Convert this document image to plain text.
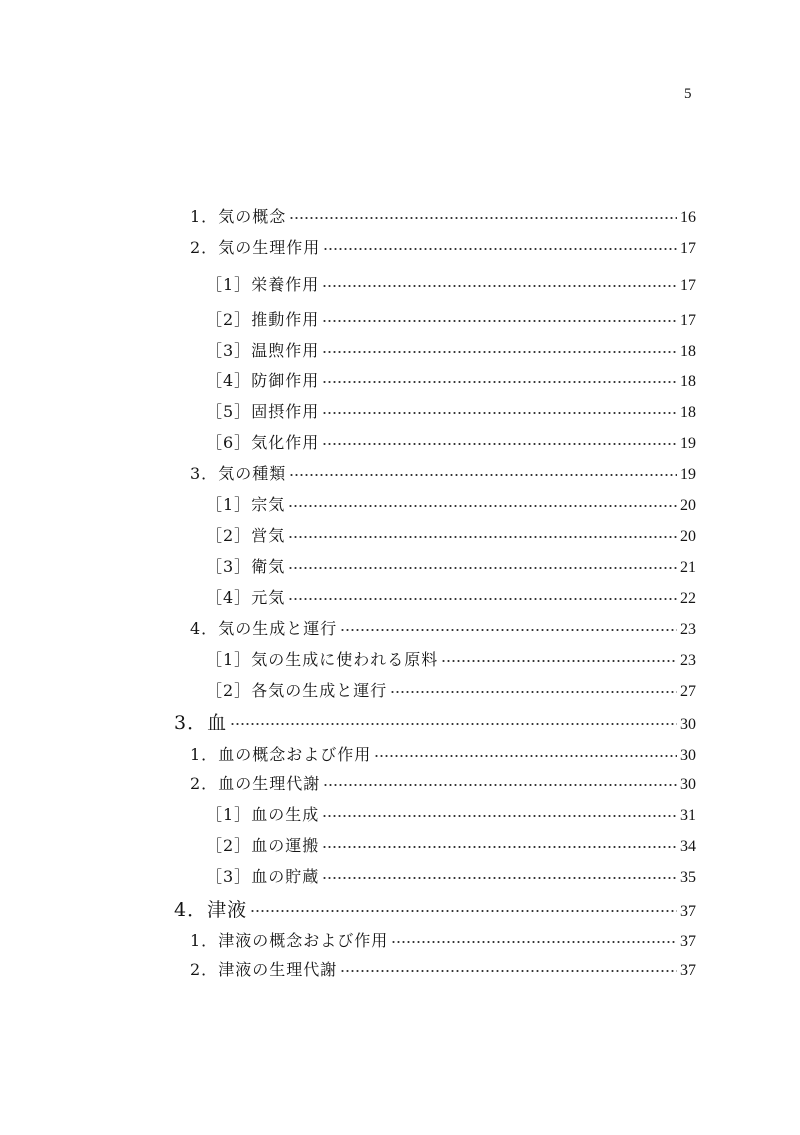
5
1． 気の概念	16
2． 気の生理作用	17
［1］ 栄養作用	17
［2］ 推動作用	17
［3］ 温煦作用	18
［4］ 防御作用	18
［5］ 固摂作用	18
［6］ 気化作用	19
3． 気の種類	19
［1］ 宗気	20
［2］ 営気	20
［3］ 衛気	21
［4］ 元気	22
4． 気の生成と運行	23
［1］ 気の生成に使われる原料	23
［2］ 各気の生成と運行	27
3． 血	30
1． 血の概念および作用	30
2． 血の生理代謝	30
［1］ 血の生成	31
［2］ 血の運搬	34
［3］ 血の貯蔵	35
4． 津液	37
1． 津液の概念および作用	37
2． 津液の生理代謝	37
